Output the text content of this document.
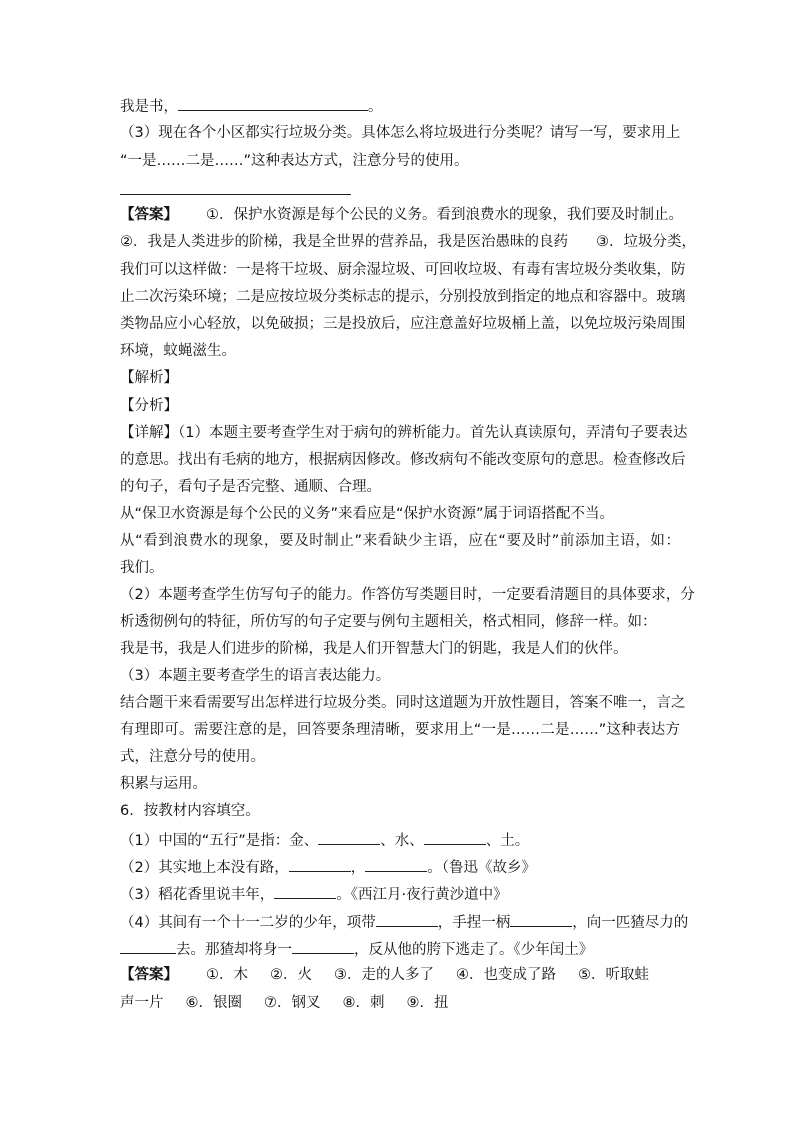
我是书，	。
（3）现在各个小区都实行垃圾分类。具体怎么将垃圾进行分类呢？请写一写，要求用上
“一是……二是……”这种表达方式，注意分号的使用。
【答案】 ①．保护水资源是每个公民的义务。看到浪费水的现象，我们要及时制止。
②．我是人类进步的阶梯，我是全世界的营养品，我是医治愚昧的良药 ③．垃圾分类，
我们可以这样做：一是将干垃圾、厨余湿垃圾、可回收垃圾、有毒有害垃圾分类收集，防
止二次污染环境；二是应按垃圾分类标志的提示，分别投放到指定的地点和容器中。玻璃
类物品应小心轻放，以免破损；三是投放后，应注意盖好垃圾桶上盖，以免垃圾污染周围
环境，蚊蝇滋生。
【解析】
【分析】
【详解】（1）本题主要考查学生对于病句的辨析能力。首先认真读原句，弄清句子要表达
的意思。找出有毛病的地方，根据病因修改。修改病句不能改变原句的意思。检查修改后
的句子，看句子是否完整、通顺、合理。
从“保卫水资源是每个公民的义务”来看应是“保护水资源”属于词语搭配不当。
从“看到浪费水的现象，要及时制止”来看缺少主语，应在“要及时”前添加主语，如：
我们。
（2）本题考查学生仿写句子的能力。作答仿写类题目时，一定要看清题目的具体要求，分
析透彻例句的特征，所仿写的句子定要与例句主题相关，格式相同，修辞一样。如：
我是书，我是人们进步的阶梯，我是人们开智慧大门的钥匙，我是人们的伙伴。
（3）本题主要考查学生的语言表达能力。
结合题干来看需要写出怎样进行垃圾分类。同时这道题为开放性题目，答案不唯一，言之
有理即可。需要注意的是，回答要条理清晰，要求用上“一是……二是……”这种表达方
式，注意分号的使用。
积累与运用。
6．按教材内容填空。
（1）中国的“五行”是指：金、	、水、	、土。
（2）其实地上本没有路，	，	。（鲁迅《故乡》
（3）稻花香里说丰年，	。《西江月·夜行黄沙道中》
（4）其间有一个十一二岁的少年，项带	，手捏一柄	，向一匹猹尽力的
去。那猹却将身一	，反从他的胯下逃走了。《少年闰土》
【答案】 ①．木 ②．火 ③．走的人多了 ④．也变成了路 ⑤．听取蛙
声一片 ⑥．银圈 ⑦．钢叉 ⑧．刺 ⑨．扭
